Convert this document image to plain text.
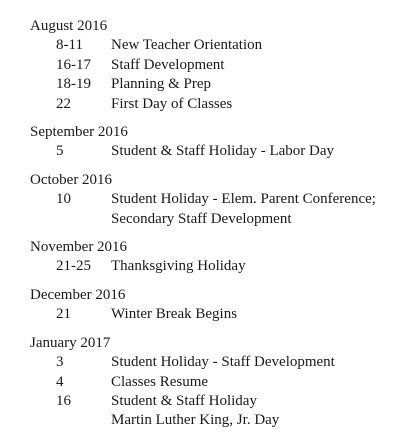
August 2016
8-11	New Teacher Orientation
16-17	Staff Development
18-19	Planning & Prep
22	First Day of Classes
September 2016
5	Student & Staff Holiday - Labor Day
October 2016
10	Student Holiday - Elem. Parent Conference;
Secondary Staff Development
November 2016
21-25	Thanksgiving Holiday
December 2016
21	Winter Break Begins
January 2017
3	Student Holiday - Staff Development
4	Classes Resume
16	Student & Staff Holiday
Martin Luther King, Jr. Day
